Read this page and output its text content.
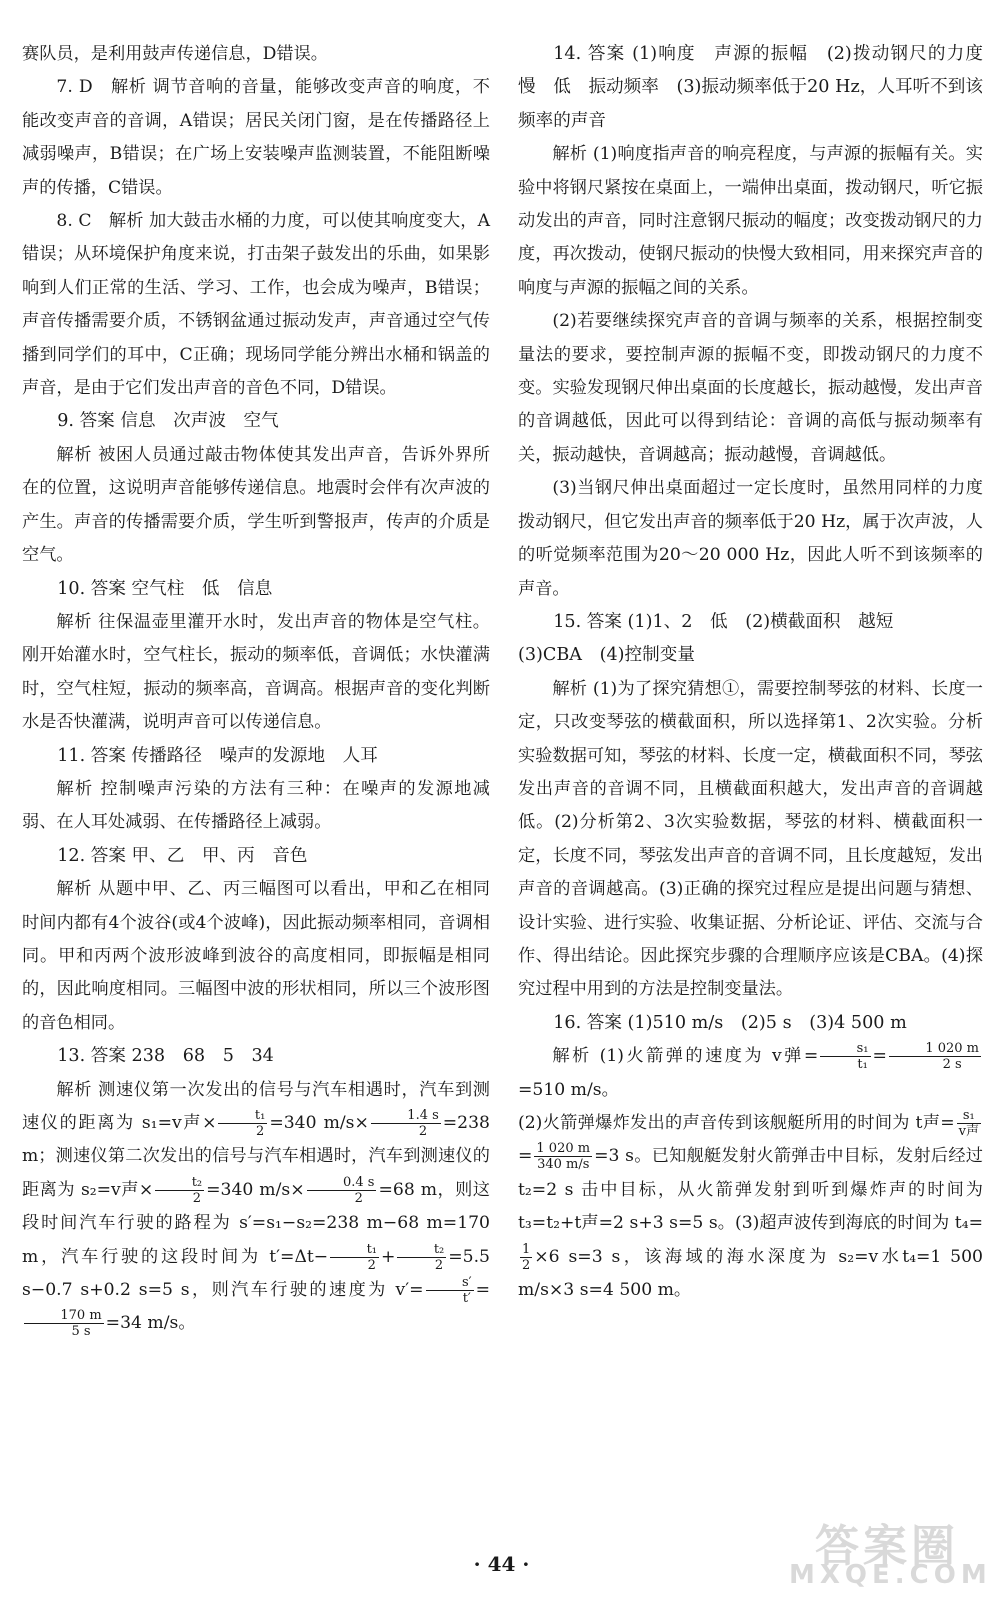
赛队员，是利用鼓声传递信息，D错误。

7. D　解析 调节音响的音量，能够改变声音的响度，不能改变声音的音调，A错误；居民关闭门窗，是在传播路径上减弱噪声，B错误；在广场上安装噪声监测装置，不能阻断噪声的传播，C错误。

8. C　解析 加大鼓击水桶的力度，可以使其响度变大，A错误；从环境保护角度来说，打击架子鼓发出的乐曲，如果影响到人们正常的生活、学习、工作，也会成为噪声，B错误；声音传播需要介质，不锈钢盆通过振动发声，声音通过空气传播到同学们的耳中，C正确；现场同学能分辨出水桶和锅盖的声音，是由于它们发出声音的音色不同，D错误。

9. 答案 信息　次声波　空气

解析 被困人员通过敲击物体使其发出声音，告诉外界所在的位置，这说明声音能够传递信息。地震时会伴有次声波的产生。声音的传播需要介质，学生听到警报声，传声的介质是空气。

10. 答案 空气柱　低　信息

解析 往保温壶里灌开水时，发出声音的物体是空气柱。刚开始灌水时，空气柱长，振动的频率低，音调低；水快灌满时，空气柱短，振动的频率高，音调高。根据声音的变化判断水是否快灌满，说明声音可以传递信息。

11. 答案 传播路径　噪声的发源地　人耳

解析 控制噪声污染的方法有三种：在噪声的发源地减弱、在人耳处减弱、在传播路径上减弱。

12. 答案 甲、乙　甲、丙　音色

解析 从题中甲、乙、丙三幅图可以看出，甲和乙在相同时间内都有4个波谷(或4个波峰)，因此振动频率相同，音调相同。甲和丙两个波形波峰到波谷的高度相同，即振幅是相同的，因此响度相同。三幅图中波的形状相同，所以三个波形图的音色相同。

13. 答案 238　68　5　34

解析 测速仪第一次发出的信号与汽车相遇时，汽车到测速仪的距离为 s₁=v声× $\frac{\text{t₁}}{2} =340$ $m/s\times \frac{1.4 s}{2} =238$ m；测速仪第二次发出的信号与汽车相遇时，汽车到测速仪的距离为 s₂=v声× $\frac{\text{t₂}}{2} =340$ $m/s\times \frac{0.4 s}{2} =68$ m，则这段时间汽车行驶的路程为 s′=s₁−s₂=238 m−68 m=170 m，汽车行驶的这段时间为 $t'=\Delta t- \frac{\text{t₁}}{2} + \frac{\text{t₂}}{2} =5.5$ s−0.7 s+0.2 s=5 s，则汽车行驶的速度为 $v'= \frac{s'}{t'}$ =
$\frac{170 m}{5 s} =34$ m/s。

14. 答案 (1)响度　声源的振幅　(2)拨动钢尺的力度　慢　低　振动频率　(3)振动频率低于20 Hz，人耳听不到该频率的声音

解析 (1)响度指声音的响亮程度，与声源的振幅有关。实验中将钢尺紧按在桌面上，一端伸出桌面，拨动钢尺，听它振动发出的声音，同时注意钢尺振动的幅度；改变拨动钢尺的力度，再次拨动，使钢尺振动的快慢大致相同，用来探究声音的响度与声源的振幅之间的关系。

(2)若要继续探究声音的音调与频率的关系，根据控制变量法的要求，要控制声源的振幅不变，即拨动钢尺的力度不变。实验发现钢尺伸出桌面的长度越长，振动越慢，发出声音的音调越低，因此可以得到结论：音调的高低与振动频率有关，振动越快，音调越高；振动越慢，音调越低。

(3)当钢尺伸出桌面超过一定长度时，虽然用同样的力度拨动钢尺，但它发出声音的频率低于20 Hz，属于次声波，人的听觉频率范围为20～20 000 Hz，因此人听不到该频率的声音。

15. 答案 (1)1、2　低　(2)横截面积　越短

(3)CBA　(4)控制变量

解析 (1)为了探究猜想①，需要控制琴弦的材料、长度一定，只改变琴弦的横截面积，所以选择第1、2次实验。分析实验数据可知，琴弦的材料、长度一定，横截面积不同，琴弦发出声音的音调不同，且横截面积越大，发出声音的音调越低。(2)分析第2、3次实验数据，琴弦的材料、横截面积一定，长度不同，琴弦发出声音的音调不同，且长度越短，发出声音的音调越高。(3)正确的探究过程应是提出问题与猜想、设计实验、进行实验、收集证据、分析论证、评估、交流与合作、得出结论。因此探究步骤的合理顺序应该是CBA。(4)探究过程中用到的方法是控制变量法。

16. 答案 (1)510 m/s　(2)5 s　(3)4 500 m

解析 (1)火箭弹的速度为 v弹= $\frac{\text{s₁}}{\text{t₁}} = \frac{1 020 m}{2 s}$
=510 m/s。

(2)火箭弹爆炸发出的声音传到该舰艇所用的时间为 t声= s₁
v声
= $\frac{1 020 m}{340 m/s} =3$ s。已知舰艇发射火箭弹击中目标，发射后经过 t₂=2 s 击中目标，从火箭弹发射到听到爆炸声的时间为 t₃=t₂+t声=2 s+3 s=5 s。(3)超声波传到海底的时间为 t₄=
$\frac{1}{2} \times 6$ s=3 s，该海域的海水深度为 s₂=v水t₄=1 500 m/s×3 s=4 500 m。

· 44 ·	答案圈
MXQE.COM
